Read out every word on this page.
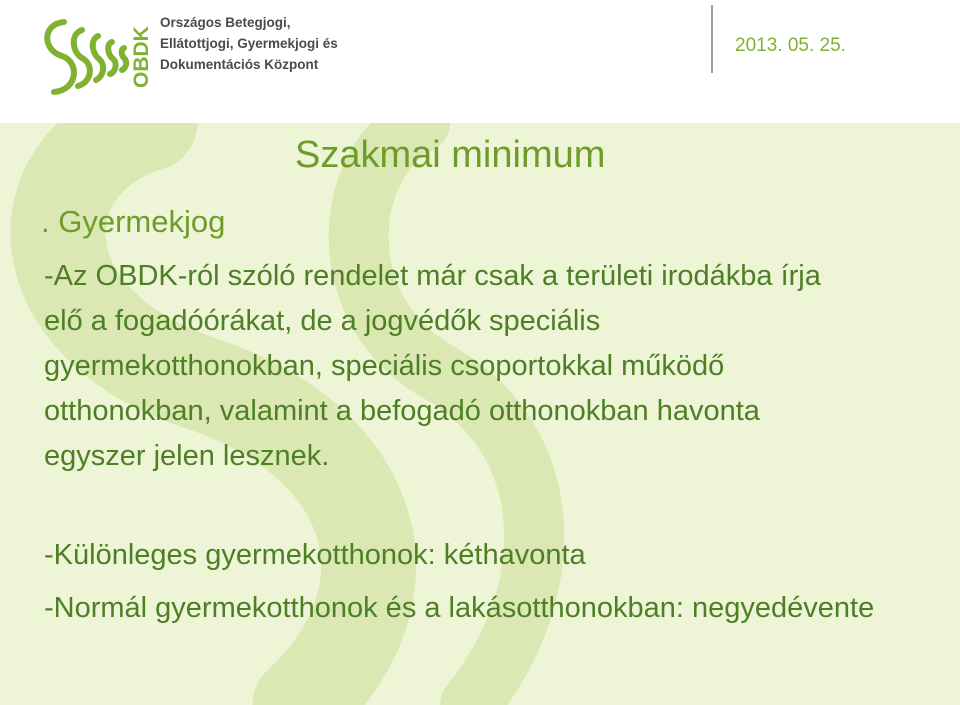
OBDK
Országos Betegjogi,
Ellátottjogi, Gyermekjogi és
Dokumentációs Központ
2013. 05. 25.
Szakmai minimum
. Gyermekjog
-Az OBDK-ról szóló rendelet már csak a területi irodákba írja elő a fogadóórákat, de a jogvédők speciális gyermekotthonokban, speciális csoportokkal működő otthonokban, valamint a befogadó otthonokban havonta egyszer jelen lesznek.
-Különleges gyermekotthonok: kéthavonta
-Normál gyermekotthonok és a lakásotthonokban: negyedévente
